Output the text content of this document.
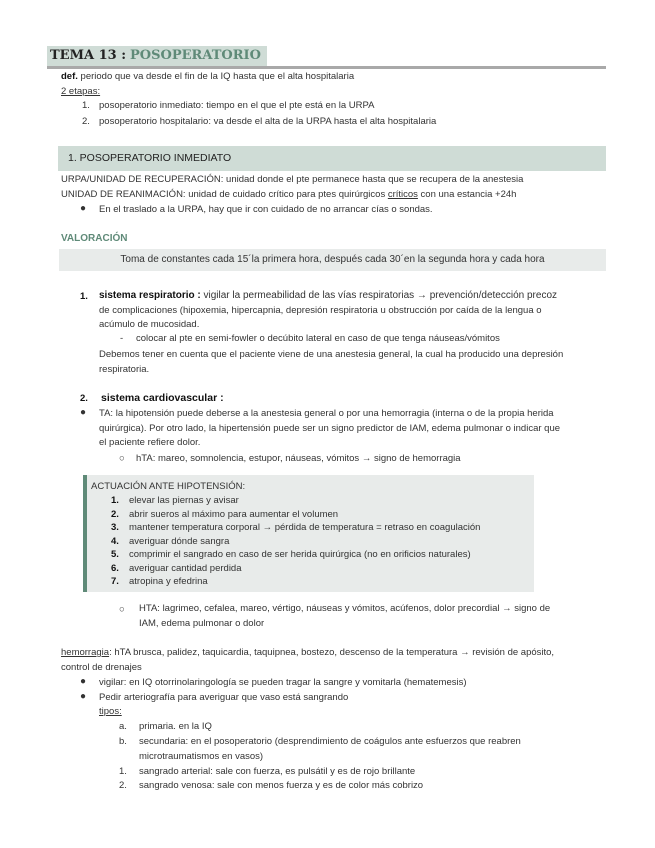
TEMA 13 : POSOPERATORIO
def. periodo que va desde el fin de la IQ hasta que el alta hospitalaria
2 etapas:
1. posoperatorio inmediato: tiempo en el que el pte está en la URPA
2. posoperatorio hospitalario: va desde el alta de la URPA hasta el alta hospitalaria
1. POSOPERATORIO INMEDIATO
URPA/UNIDAD DE RECUPERACIÓN: unidad donde el pte permanece hasta que se recupera de la anestesia
UNIDAD DE REANIMACIÓN: unidad de cuidado crítico para ptes quirúrgicos críticos con una estancia +24h
● En el traslado a la URPA, hay que ir con cuidado de no arrancar cías o sondas.
VALORACIÓN
Toma de constantes cada 15´la primera hora, después cada 30´en la segunda hora y cada hora
1. sistema respiratorio : vigilar la permeabilidad de las vías respiratorias → prevención/detección precoz
de complicaciones (hipoxemia, hipercapnia, depresión respiratoria u obstrucción por caída de la lengua o
acúmulo de mucosidad.
- colocar al pte en semi-fowler o decúbito lateral en caso de que tenga náuseas/vómitos
Debemos tener en cuenta que el paciente viene de una anestesia general, la cual ha producido una depresión
respiratoria.
2. sistema cardiovascular :
● TA: la hipotensión puede deberse a la anestesia general o por una hemorragia (interna o de la propia herida
quirúrgica). Por otro lado, la hipertensión puede ser un signo predictor de IAM, edema pulmonar o indicar que
el paciente refiere dolor.
○ hTA: mareo, somnolencia, estupor, náuseas, vómitos → signo de hemorragia
ACTUACIÓN ANTE HIPOTENSIÓN:
1. elevar las piernas y avisar
2. abrir sueros al máximo para aumentar el volumen
3. mantener temperatura corporal → pérdida de temperatura = retraso en coagulación
4. averiguar dónde sangra
5. comprimir el sangrado en caso de ser herida quirúrgica (no en orificios naturales)
6. averiguar cantidad perdida
7. atropina y efedrina
○ HTA: lagrimeo, cefalea, mareo, vértigo, náuseas y vómitos, acúfenos, dolor precordial → signo de
IAM, edema pulmonar o dolor
hemorragia: hTA brusca, palidez, taquicardia, taquipnea, bostezo, descenso de la temperatura → revisión de apósito,
control de drenajes
● vigilar: en IQ otorrinolaringología se pueden tragar la sangre y vomitarla (hematemesis)
● Pedir arteriografía para averiguar que vaso está sangrando
tipos:
a. primaria. en la IQ
b. secundaria: en el posoperatorio (desprendimiento de coágulos ante esfuerzos que reabren
microtraumatismos en vasos)
1. sangrado arterial: sale con fuerza, es pulsátil y es de rojo brillante
2. sangrado venosa: sale con menos fuerza y es de color más cobrizo
